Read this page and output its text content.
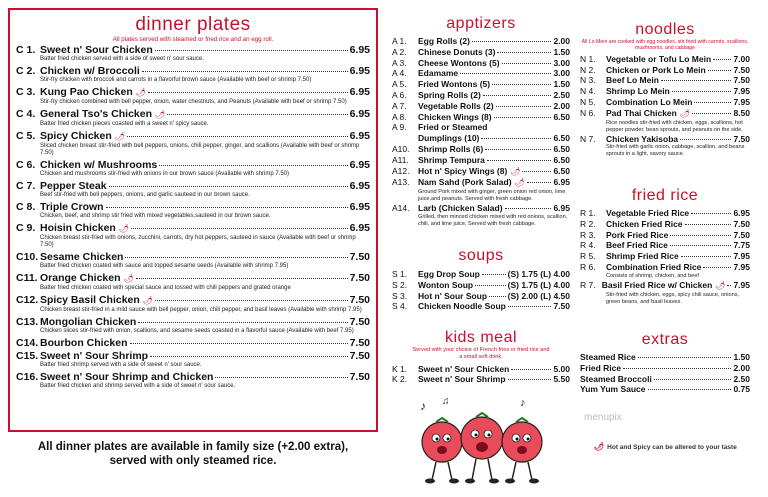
dinner plates
All plates served with steamed or fried rice and an egg roll.
C 1. Sweet n' Sour Chicken	6.95
Batter fried chicken served with a side of sweet n' sour sauce.
C 2. Chicken w/ Broccoli	6.95
Stir-fry chicken with broccoli and carrots in a flavorful brown sauce (Available with beef or shrimp 7.50)
C 3. Kung Pao Chicken 🌶	6.95
Stir-fry chicken combined with bell pepper, onion, water chestnuts, and Peanuts (Available with beef or shrimp 7.50)
C 4. General Tso's Chicken 🌶	6.95
Batter fried chicken pieces coasted with a sweet n' spicy sauce.
C 5. Spicy Chicken 🌶	6.95
Sliced chicken breast stir-fried with bell peppers, onions, chili pepper, ginger, and scallions (Available with beef or shrimp 7.50)
C 6. Chicken w/ Mushrooms	6.95
Chicken and mushrooms stir-fried with onions in our brown sauce (Available with shrimp 7.50)
C 7. Pepper Steak	6.95
Beef stir-fried with bell peppers, onions, and garlic sauteed in our brown sauce.
C 8. Triple Crown	6.95
Chicken, beef, and shrimp stir fried with mixed vegetables,sauteed in our brown sauce.
C 9. Hoisin Chicken 🌶	6.95
Chicken breast stir-fried with onions, zucchini, carrots, dry hot peppers, sauteed in sauce (Available with beef or shrimp 7.50)
C10. Sesame Chicken	7.50
Batter fried chicken coated with sauce and topped sesame seeds (Available with shrimp 7.95)
C11. Orange Chicken 🌶	7.50
Batter fried chicken coated with special sauce and tossed with chili peppers and grated orange
C12. Spicy Basil Chicken 🌶	7.50
Chicken breast stir-fried in a mild sauce with bell pepper, onion, chili pepper, and basil leaves (Available with shrimp 7.95)
C13. Mongolian Chicken	7.50
Chicken slices stir-fried with onion, scallions, and sesame seeds coasted in a flavorful sauce (Available with beef 7.95)
C14. Bourbon Chicken	7.50
C15. Sweet n' Sour Shrimp	7.50
Batter fried shrimp served with a side of sweet n' sour sauce.
C16. Sweet n' Sour Shrimp and Chicken	7.50
Batter fried chicken and shrimp served with a side of sweet n' sour sauce.
All dinner plates are available in family size (+2.00 extra),
served with only steamed rice.
apptizers
A 1.	Egg Rolls (2)	2.00
A 2.	Chinese Donuts (3)	1.50
A 3.	Cheese Wontons (5)	3.00
A 4.	Edamame	3.00
A 5.	Fried Wontons (5)	1.50
A 6.	Spring Rolls (2)	2.50
A 7.	Vegetable Rolls (2)	2.00
A 8.	Chicken Wings (8)	6.50
A 9.	Fried or Steamed
Dumplings (10)	6.50
A10.	Shrimp Rolls (6)	6.50
A11.	Shrimp Tempura	6.50
A12.	Hot n' Spicy Wings (8) 🌶	6.50
A13.	Nam Sahd (Pork Salad) 🌶	6.95
Ground Pork mixed with ginger, green onion red onion, lime juice,and peanuts. Served with fresh cabbage.
A14.	Larb (Chicken Salad)	6.95
Grilled, then minced chicken mixed with red onions, scallion, chili, and lime juice, Served with fresh cabbage.
soups
S 1.	Egg Drop Soup	(S) 1.75 (L) 4.00
S 2.	Wonton Soup	(S) 1.75 (L) 4.00
S 3.	Hot n' Sour Soup (S) 2.00 (L) 4.50
S 4.	Chicken Noodle Soup	7.50
kids meal
Served with your choice of French fries or fried rice and a small soft drink.
K 1.	Sweet n' Sour Chicken	5.00
K 2.	Sweet n' Sour Shrimp	5.50
noodles
All Lo Mein are cooked with egg noodles, stir fried with carrots, scallions, mushrooms, and cabbage
N 1.	Vegetable or Tofu Lo Mein	7.00
N 2.	Chicken or Pork Lo Mein	7.50
N 3.	Beef Lo Mein	7.50
N 4.	Shrimp Lo Mein	7.95
N 5.	Combination Lo Mein	7.95
N 6.	Pad Thai Chicken 🌶	8.50
Rice noodles stir-fried with chicken, eggs, scallions, hot pepper powder, bean sprouts, and peanuts on the side.
N 7.	Chicken Yakisoba	7.50
Stir-fried with garlic onion, cabbage, scallion, and beans sprouts in a light, savory sauce.
fried rice
R 1.	Vegetable Fried Rice	6.95
R 2.	Chicken Fried Rice	7.50
R 3.	Pork Fried Rice	7.50
R 4.	Beef Fried Rice	7.75
R 5.	Shrimp Fried Rice	7.95
R 6.	Combination Fried Rice	7.95
Consists of shrimp, chicken, and beef
R 7. Basil Fried Rice w/ Chicken 🌶 7.95
Stir-fried with chicken, eggs, spicy chili sauce, onions, green beans, and basil leaves.
extras
Steamed Rice	1.50
Fried Rice	2.00
Steamed Broccoli	2.50
Yum Yum Sauce	0.75
♪ ♫	♪
menupix
🌶 Hot and Spicy can be altered to your taste
